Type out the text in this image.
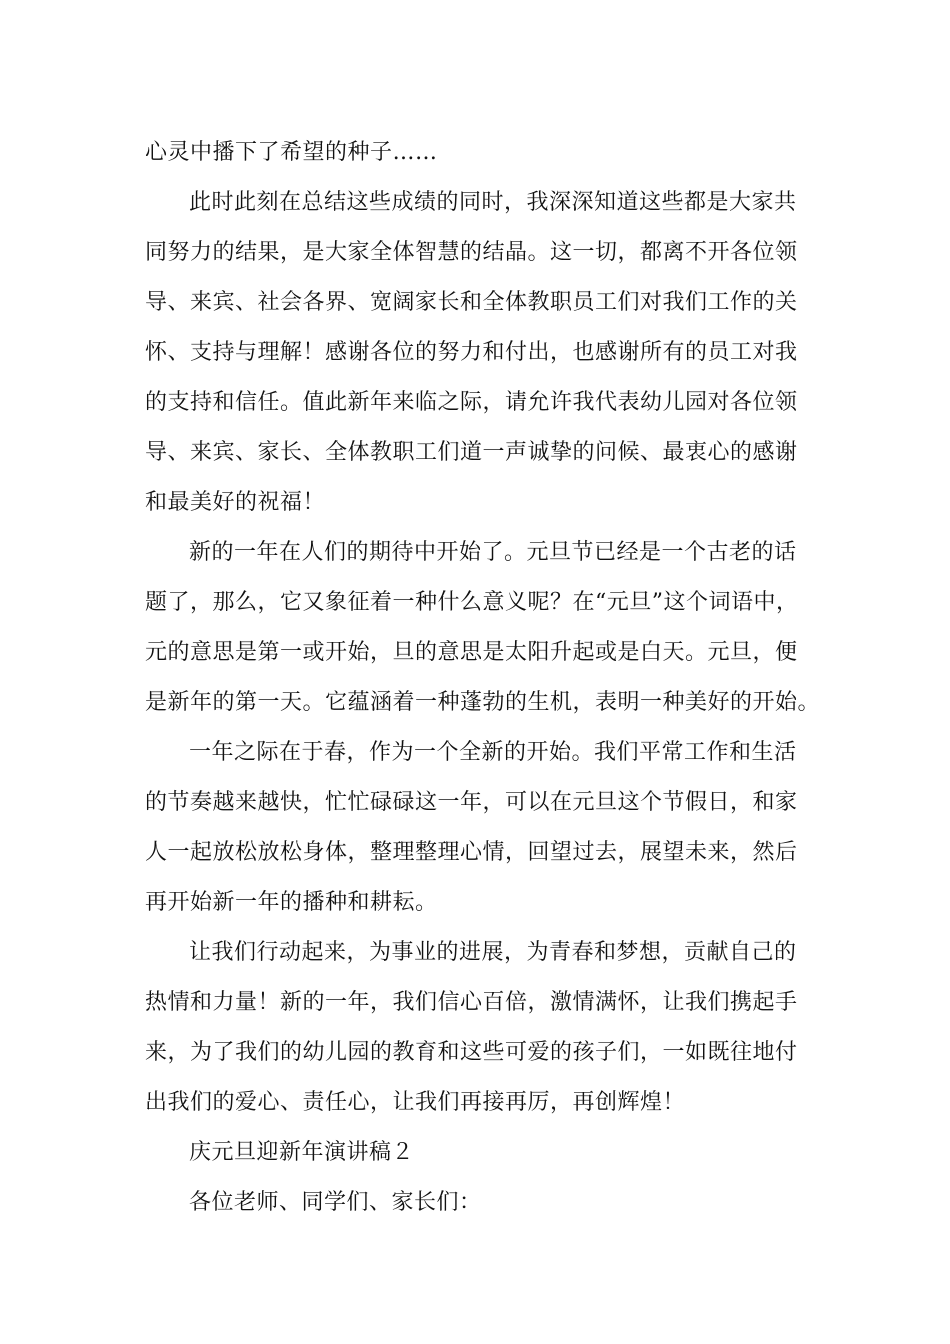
心灵中播下了希望的种子……
此时此刻在总结这些成绩的同时，我深深知道这些都是大家共
同努力的结果，是大家全体智慧的结晶。这一切，都离不开各位领
导、来宾、社会各界、宽阔家长和全体教职员工们对我们工作的关
怀、支持与理解！感谢各位的努力和付出，也感谢所有的员工对我
的支持和信任。值此新年来临之际，请允许我代表幼儿园对各位领
导、来宾、家长、全体教职工们道一声诚挚的问候、最衷心的感谢
和最美好的祝福！
新的一年在人们的期待中开始了。元旦节已经是一个古老的话
题了，那么，它又象征着一种什么意义呢？在“元旦”这个词语中，
元的意思是第一或开始，旦的意思是太阳升起或是白天。元旦，便
是新年的第一天。它蕴涵着一种蓬勃的生机，表明一种美好的开始。
一年之际在于春，作为一个全新的开始。我们平常工作和生活
的节奏越来越快，忙忙碌碌这一年，可以在元旦这个节假日，和家
人一起放松放松身体，整理整理心情，回望过去，展望未来，然后
再开始新一年的播种和耕耘。
让我们行动起来，为事业的进展，为青春和梦想，贡献自己的
热情和力量！新的一年，我们信心百倍，激情满怀，让我们携起手
来，为了我们的幼儿园的教育和这些可爱的孩子们，一如既往地付
出我们的爱心、责任心，让我们再接再厉，再创辉煌！
庆元旦迎新年演讲稿２
各位老师、同学们、家长们：
